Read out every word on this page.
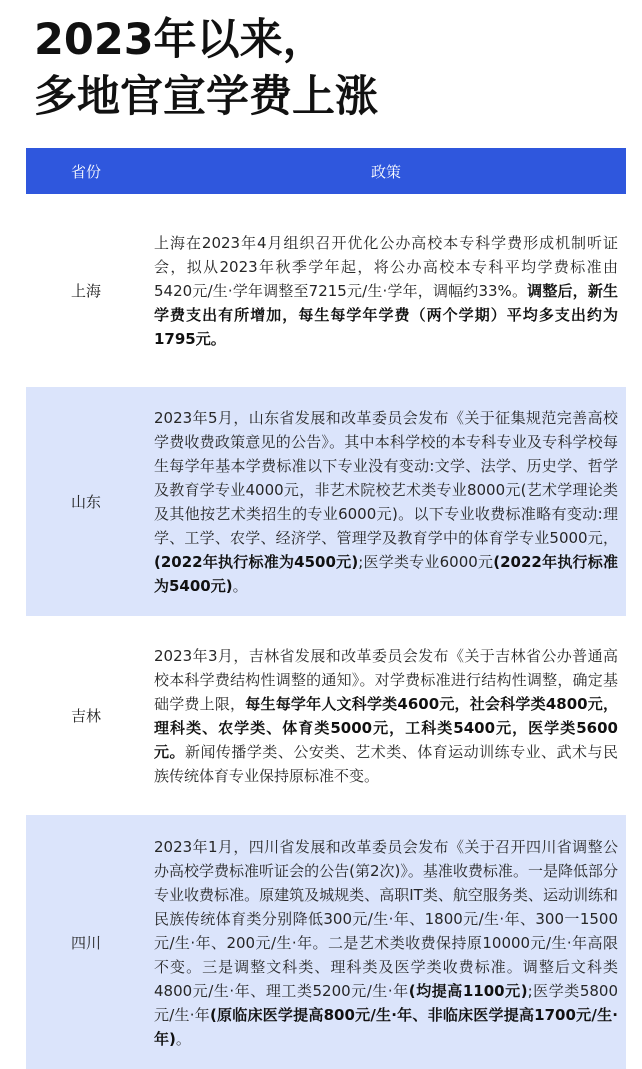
2023年以来，
多地官宣学费上涨
省份	政策
上海	上海在2023年4月组织召开优化公办高校本专科学费形成机制听证会，拟从2023年秋季学年起，将公办高校本专科平均学费标准由5420元/生·学年调整至7215元/生·学年，调幅约33%。调整后，新生学费支出有所增加，每生每学年学费（两个学期）平均多支出约为1795元。
山东	2023年5月，山东省发展和改革委员会发布《关于征集规范完善高校学费收费政策意见的公告》。其中本科学校的本专科专业及专科学校每生每学年基本学费标准以下专业没有变动:文学、法学、历史学、哲学及教育学专业4000元，非艺术院校艺术类专业8000元(艺术学理论类及其他按艺术类招生的专业6000元)。以下专业收费标准略有变动:理学、工学、农学、经济学、管理学及教育学中的体育学专业5000元，(2022年执行标准为4500元);医学类专业6000元(2022年执行标准为5400元)。
吉林	2023年3月，吉林省发展和改革委员会发布《关于吉林省公办普通高校本科学费结构性调整的通知》。对学费标准进行结构性调整，确定基础学费上限，每生每学年人文科学类4600元，社会科学类4800元，理科类、农学类、体育类5000元，工科类5400元，医学类5600元。新闻传播学类、公安类、艺术类、体育运动训练专业、武术与民族传统体育专业保持原标准不变。
四川	2023年1月，四川省发展和改革委员会发布《关于召开四川省调整公办高校学费标准听证会的公告(第2次)》。基准收费标准。一是降低部分专业收费标准。原建筑及城规类、高职IT类、航空服务类、运动训练和民族传统体育类分别降低300元/生·年、1800元/生·年、300一1500元/生·年、200元/生·年。二是艺术类收费保持原10000元/生·年高限不变。三是调整文科类、理科类及医学类收费标准。调整后文科类4800元/生·年、理工类5200元/生·年(均提高1100元);医学类5800元/生·年(原临床医学提高800元/生·年、非临床医学提高1700元/生·年)。
